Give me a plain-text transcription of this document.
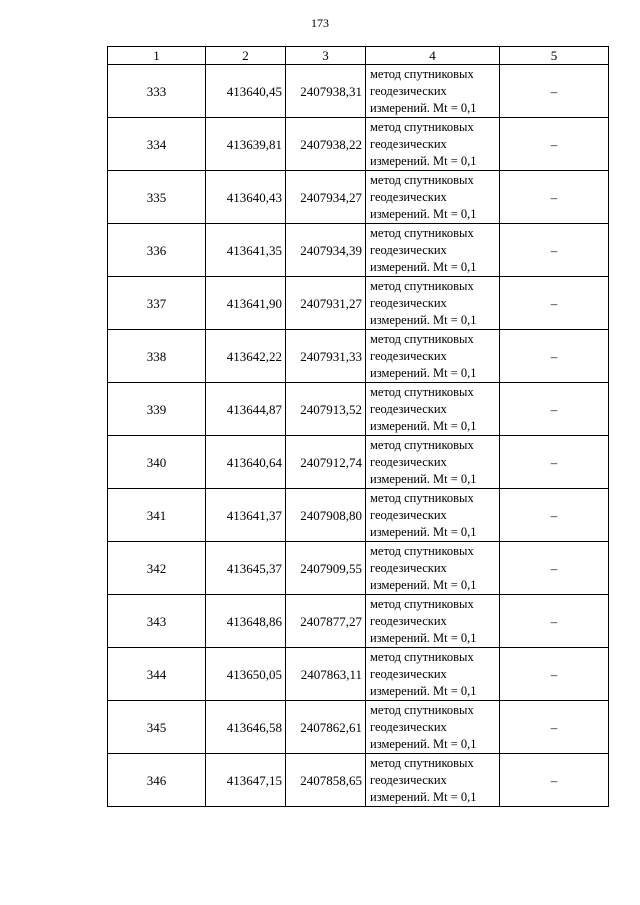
173
1	2	3	4	5
333	413640,45	2407938,31	метод спутниковых
геодезических
измерений. Mt = 0,1	–
334	413639,81	2407938,22	метод спутниковых
геодезических
измерений. Mt = 0,1	–
335	413640,43	2407934,27	метод спутниковых
геодезических
измерений. Mt = 0,1	–
336	413641,35	2407934,39	метод спутниковых
геодезических
измерений. Mt = 0,1	–
337	413641,90	2407931,27	метод спутниковых
геодезических
измерений. Mt = 0,1	–
338	413642,22	2407931,33	метод спутниковых
геодезических
измерений. Mt = 0,1	–
339	413644,87	2407913,52	метод спутниковых
геодезических
измерений. Mt = 0,1	–
340	413640,64	2407912,74	метод спутниковых
геодезических
измерений. Mt = 0,1	–
341	413641,37	2407908,80	метод спутниковых
геодезических
измерений. Mt = 0,1	–
342	413645,37	2407909,55	метод спутниковых
геодезических
измерений. Mt = 0,1	–
343	413648,86	2407877,27	метод спутниковых
геодезических
измерений. Mt = 0,1	–
344	413650,05	2407863,11	метод спутниковых
геодезических
измерений. Mt = 0,1	–
345	413646,58	2407862,61	метод спутниковых
геодезических
измерений. Mt = 0,1	–
346	413647,15	2407858,65	метод спутниковых
геодезических
измерений. Mt = 0,1	–
